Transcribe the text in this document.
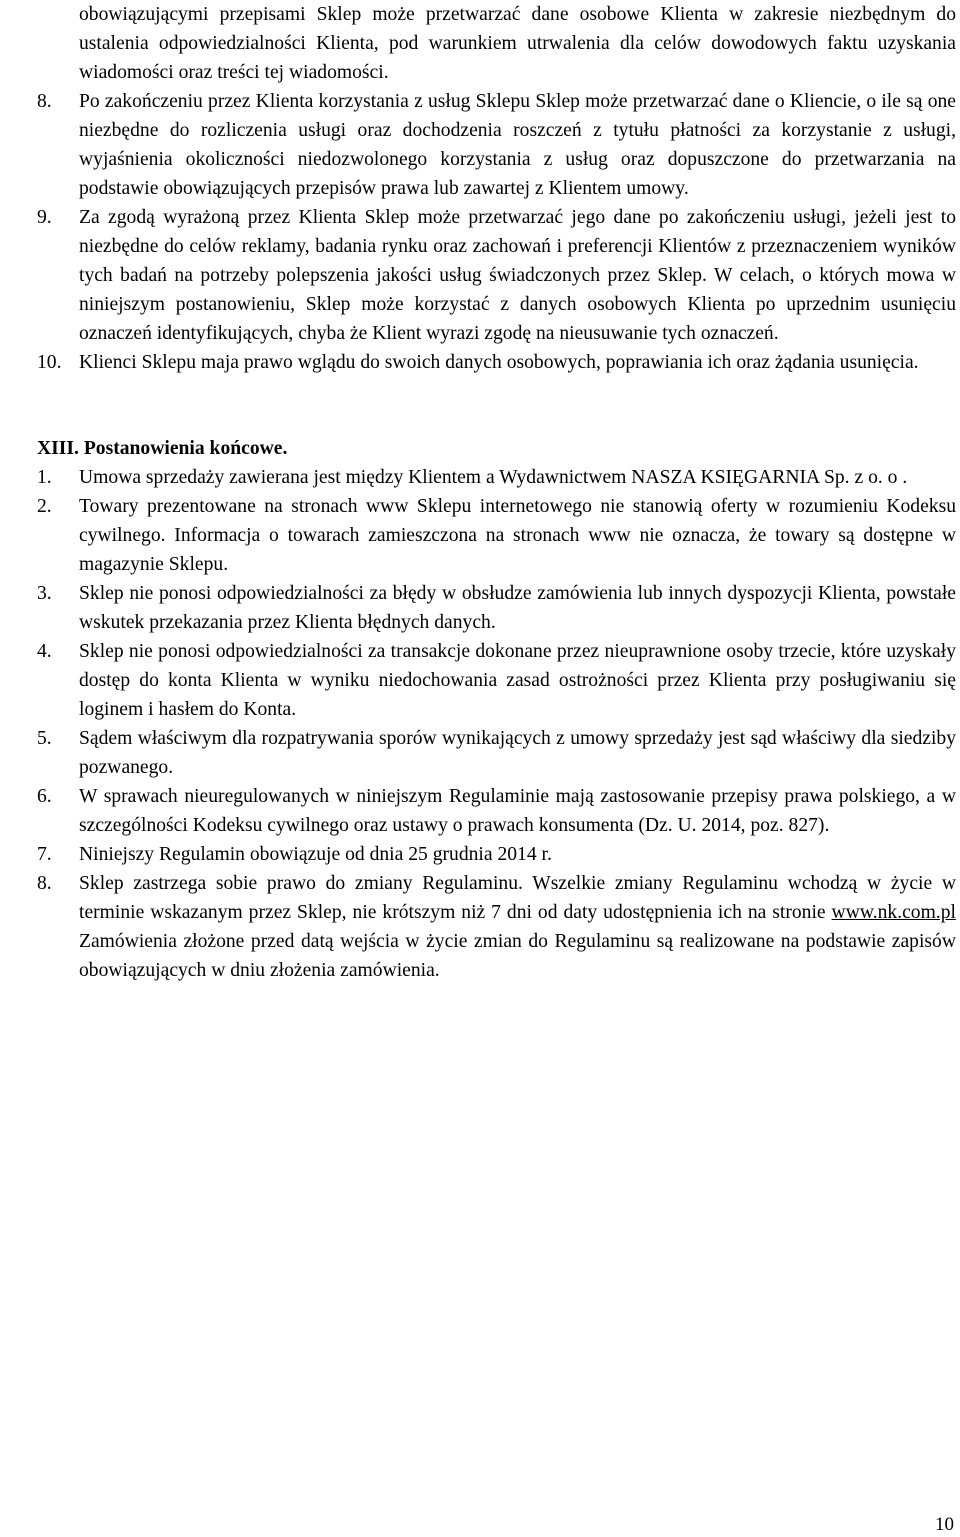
obowiązującymi przepisami Sklep może przetwarzać dane osobowe Klienta w zakresie niezbędnym do ustalenia odpowiedzialności Klienta, pod warunkiem utrwalenia dla celów dowodowych faktu uzyskania wiadomości oraz treści tej wiadomości.
8. Po zakończeniu przez Klienta korzystania z usług Sklepu Sklep może przetwarzać dane o Kliencie, o ile są one niezbędne do rozliczenia usługi oraz dochodzenia roszczeń z tytułu płatności za korzystanie z usługi, wyjaśnienia okoliczności niedozwolonego korzystania z usług oraz dopuszczone do przetwarzania na podstawie obowiązujących przepisów prawa lub zawartej z Klientem umowy.
9. Za zgodą wyrażoną przez Klienta Sklep może przetwarzać jego dane po zakończeniu usługi, jeżeli jest to niezbędne do celów reklamy, badania rynku oraz zachowań i preferencji Klientów z przeznaczeniem wyników tych badań na potrzeby polepszenia jakości usług świadczonych przez Sklep. W celach, o których mowa w niniejszym postanowieniu, Sklep może korzystać z danych osobowych Klienta po uprzednim usunięciu oznaczeń identyfikujących, chyba że Klient wyrazi zgodę na nieusuwanie tych oznaczeń.
10. Klienci Sklepu maja prawo wglądu do swoich danych osobowych, poprawiania ich oraz żądania usunięcia.

XIII. Postanowienia końcowe.

1. Umowa sprzedaży zawierana jest między Klientem a Wydawnictwem NASZA KSIĘGARNIA Sp. z o. o .
2. Towary prezentowane na stronach www Sklepu internetowego nie stanowią oferty w rozumieniu Kodeksu cywilnego. Informacja o towarach zamieszczona na stronach www nie oznacza, że towary są dostępne w magazynie Sklepu.
3. Sklep nie ponosi odpowiedzialności za błędy w obsłudze zamówienia lub innych dyspozycji Klienta, powstałe wskutek przekazania przez Klienta błędnych danych.
4. Sklep nie ponosi odpowiedzialności za transakcje dokonane przez nieuprawnione osoby trzecie, które uzyskały dostęp do konta Klienta w wyniku niedochowania zasad ostrożności przez Klienta przy posługiwaniu się loginem i hasłem do Konta.
5. Sądem właściwym dla rozpatrywania sporów wynikających z umowy sprzedaży jest sąd właściwy dla siedziby pozwanego.
6. W sprawach nieuregulowanych w niniejszym Regulaminie mają zastosowanie przepisy prawa polskiego, a w szczególności Kodeksu cywilnego oraz ustawy o prawach konsumenta (Dz. U. 2014, poz. 827).
7. Niniejszy Regulamin obowiązuje od dnia 25 grudnia 2014 r.
8. Sklep zastrzega sobie prawo do zmiany Regulaminu. Wszelkie zmiany Regulaminu wchodzą w życie w terminie wskazanym przez Sklep, nie krótszym niż 7 dni od daty udostępnienia ich na stronie www.nk.com.pl Zamówienia złożone przed datą wejścia w życie zmian do Regulaminu są realizowane na podstawie zapisów obowiązujących w dniu złożenia zamówienia.
10
